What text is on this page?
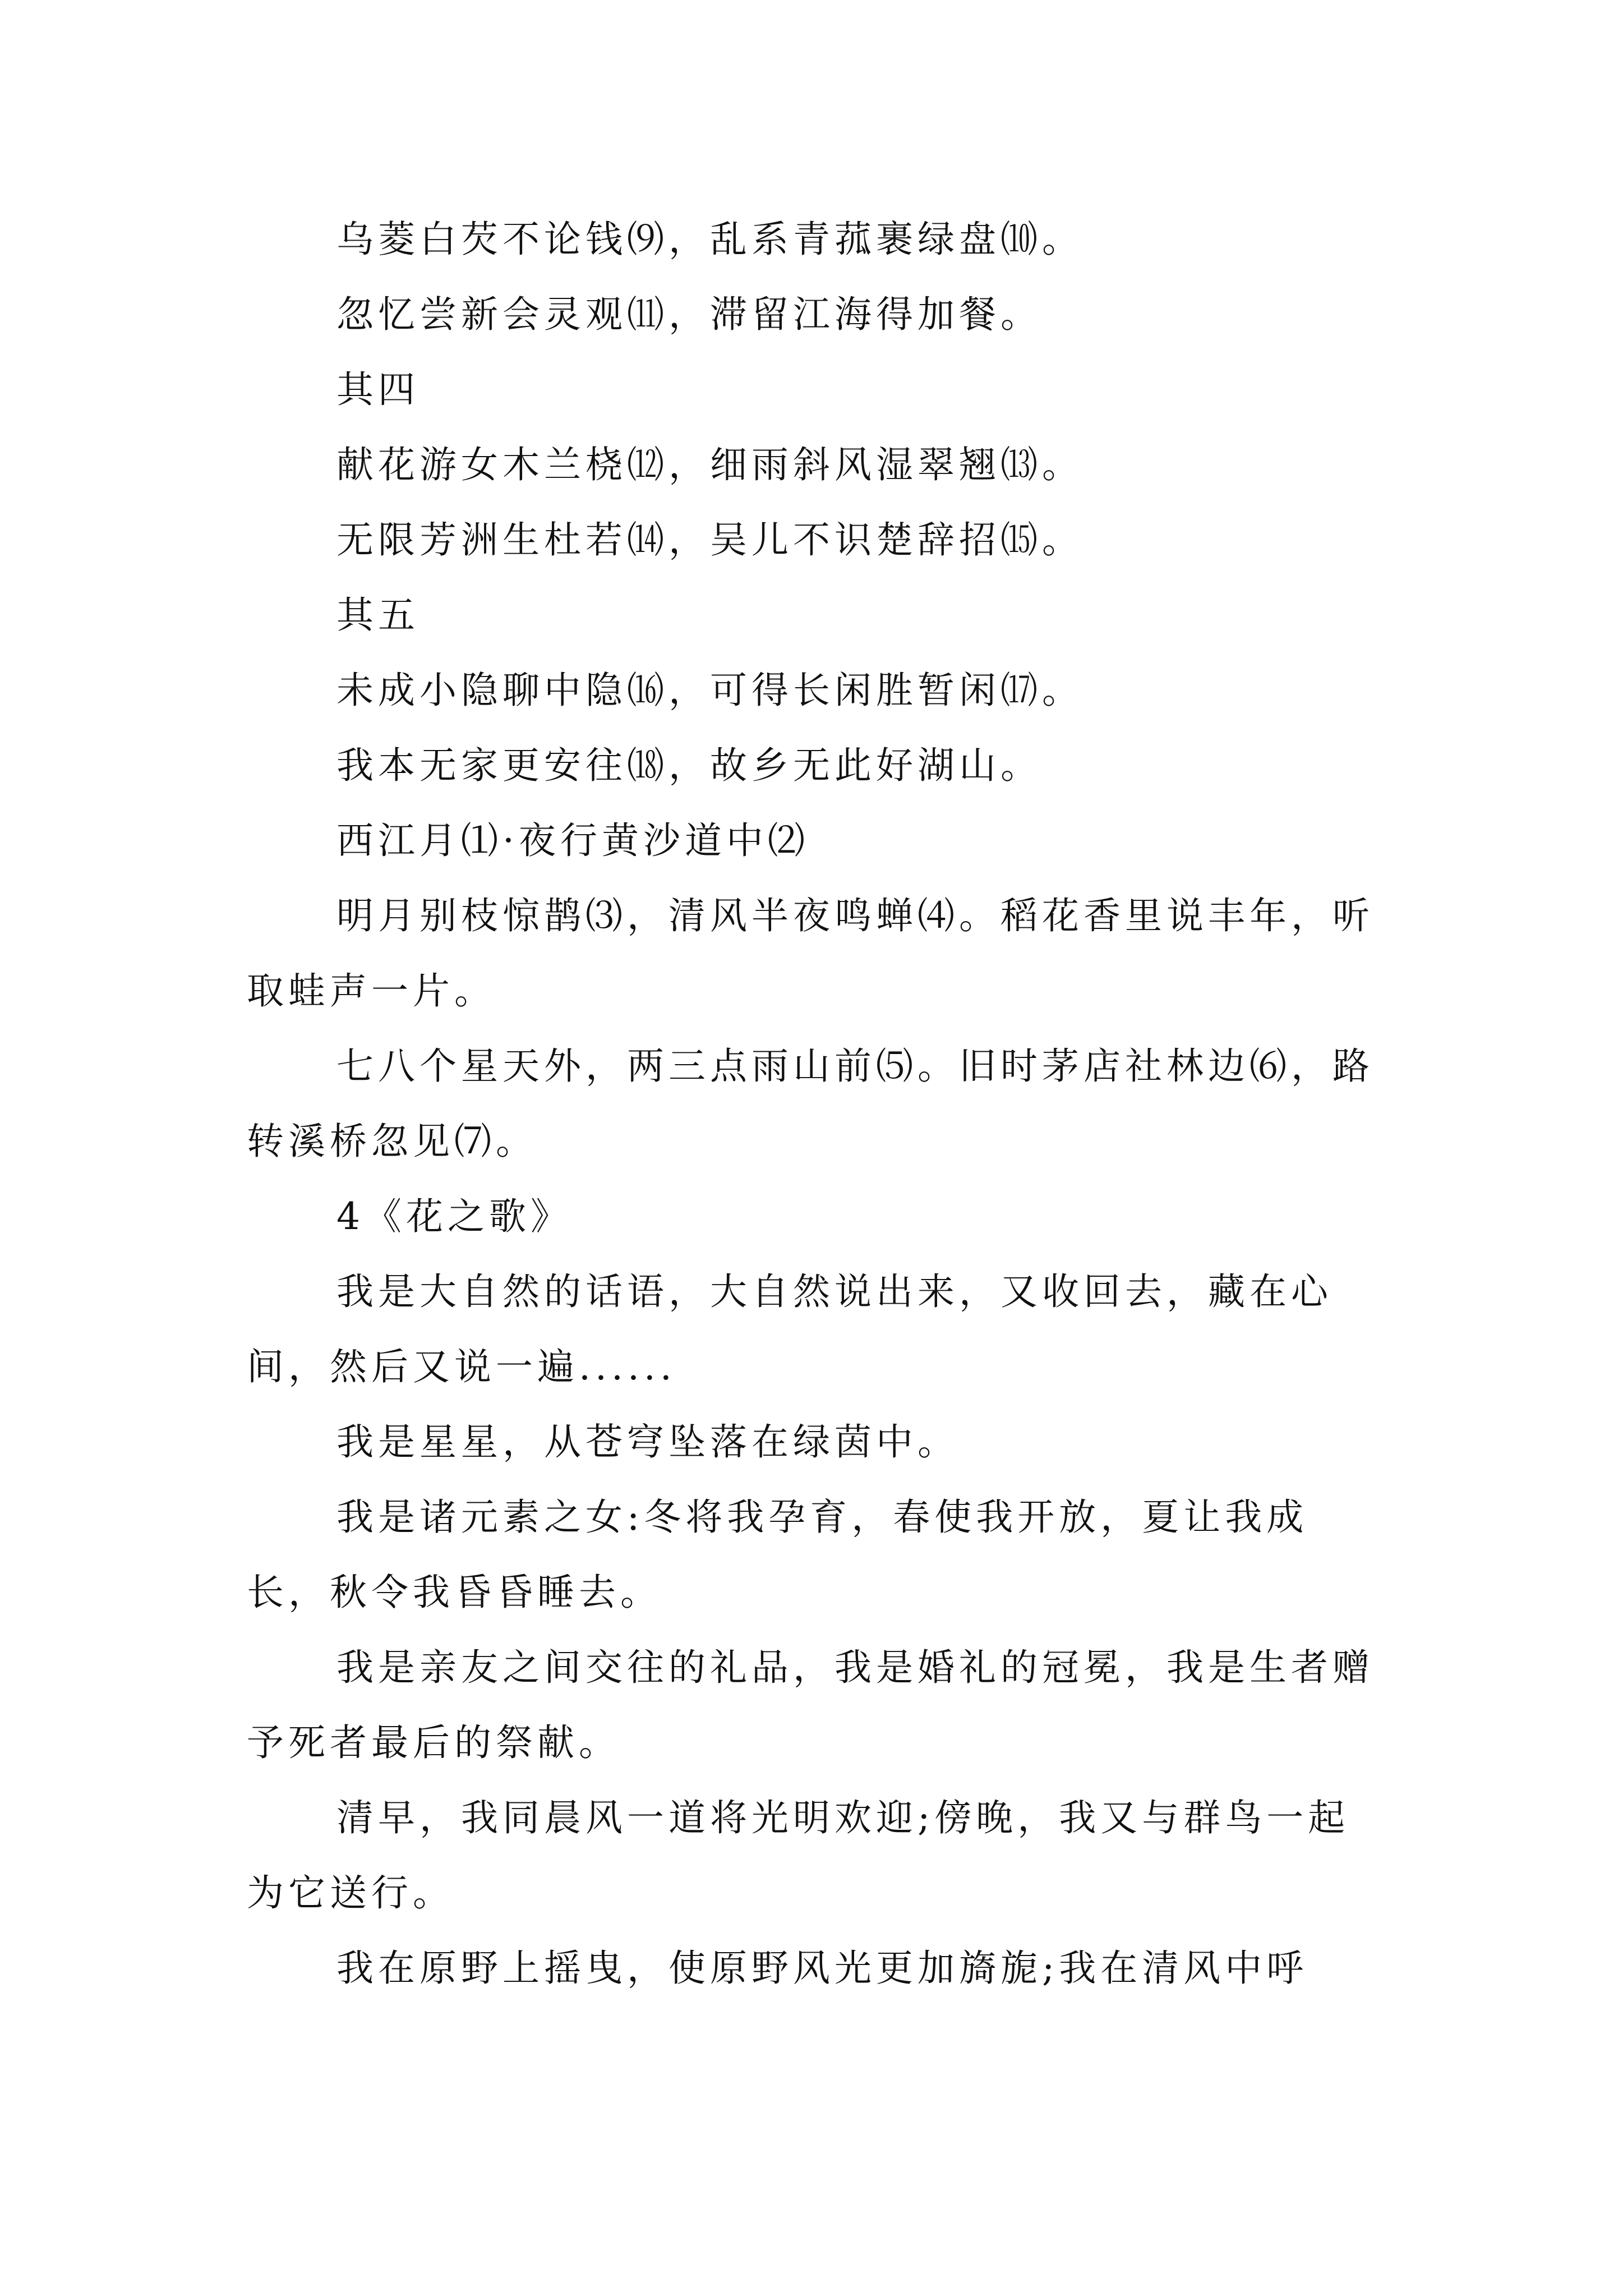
乌菱白芡不论钱⑼，乱系青菰裹绿盘⑽。

忽忆尝新会灵观⑾，滞留江海得加餐。

其四

献花游女木兰桡⑿，细雨斜风湿翠翘⒀。

无限芳洲生杜若⒁，吴儿不识楚辞招⒂。

其五

未成小隐聊中隐⒃，可得长闲胜暂闲⒄。

我本无家更安往⒅，故乡无此好湖山。

西江月⑴·夜行黄沙道中⑵

明月别枝惊鹊⑶，清风半夜鸣蝉⑷。稻花香里说丰年，听取蛙声一片。

七八个星天外，两三点雨山前⑸。旧时茅店社林边⑹，路转溪桥忽见⑺。

4《花之歌》

我是大自然的话语，大自然说出来，又收回去，藏在心间，然后又说一遍......

我是星星，从苍穹坠落在绿茵中。

我是诸元素之女:冬将我孕育，春使我开放，夏让我成长，秋令我昏昏睡去。

我是亲友之间交往的礼品，我是婚礼的冠冕，我是生者赠予死者最后的祭献。

清早，我同晨风一道将光明欢迎;傍晚，我又与群鸟一起为它送行。

我在原野上摇曳，使原野风光更加旖旎;我在清风中呼
